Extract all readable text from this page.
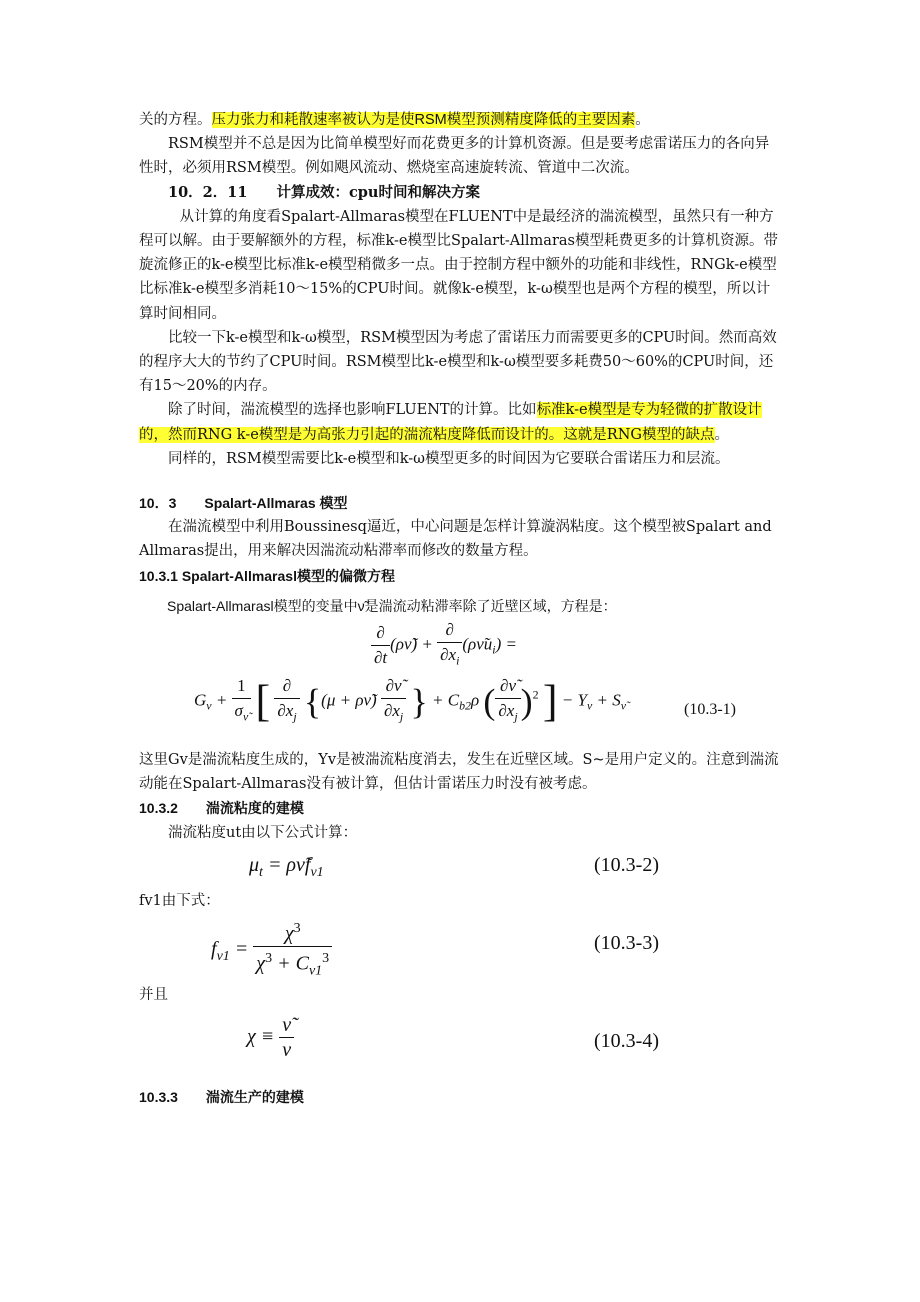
关的方程。压力张力和耗散速率被认为是使RSM模型预测精度降低的主要因素。

RSM模型并不总是因为比简单模型好而花费更多的计算机资源。但是要考虑雷诺压力的各向异性时，必须用RSM模型。例如飓风流动、燃烧室高速旋转流、管道中二次流。

10．2．11　　计算成效：cpu时间和解决方案

从计算的角度看Spalart-Allmaras模型在FLUENT中是最经济的湍流模型，虽然只有一种方程可以解。由于要解额外的方程，标准k-e模型比Spalart-Allmaras模型耗费更多的计算机资源。带旋流修正的k-e模型比标准k-e模型稍微多一点。由于控制方程中额外的功能和非线性，RNGk-e模型比标准k-e模型多消耗10～15%的CPU时间。就像k-e模型，k-ω模型也是两个方程的模型，所以计算时间相同。

比较一下k-e模型和k-ω模型，RSM模型因为考虑了雷诺压力而需要更多的CPU时间。然而高效的程序大大的节约了CPU时间。RSM模型比k-e模型和k-ω模型要多耗费50～60%的CPU时间，还有15～20%的内存。

除了时间，湍流模型的选择也影响FLUENT的计算。比如标准k-e模型是专为轻微的扩散设计的，然而RNG k-e模型是为高张力引起的湍流粘度降低而设计的。这就是RNG模型的缺点。

同样的，RSM模型需要比k-e模型和k-ω模型更多的时间因为它要联合雷诺压力和层流。

10．3　　Spalart-Allmaras 模型

在湍流模型中利用Boussinesq逼近，中心问题是怎样计算漩涡粘度。这个模型被Spalart and Allmaras提出，用来解决因湍流动粘滞率而修改的数量方程。

10.3.1 Spalart-Allmarasl模型的偏微方程

Spalart-Allmarasl模型的变量中ν̃是湍流动粘滞率除了近壁区域，方程是：

$\frac{\partial}{\partial t}$ (ρν̃) + $\frac{\partial}{\partial x_i}$ $(\rho\nũu_i)$ =
$G_\nu + \frac{1}{\sigma_{\nũ}}$ [ $\frac{\partial}{\partial x_j} \{(\mu$ + ρν̃) $\frac{\partial\nũ}{\partial x_j}$ } + $C_{b2}\rho$ ( $\frac{\partial\nũ}{\partial x_j} )^2$ ] − $Y_\nu + S_{\nũ}$	(10.3-1)

这里Gv是湍流粘度生成的，Yv是被湍流粘度消去，发生在近壁区域。S~是用户定义的。注意到湍流动能在Spalart-Allmaras没有被计算，但估计雷诺压力时没有被考虑。

10.3.2　　湍流粘度的建模

湍流粘度ut由以下公式计算：

$\mu_t$ = $\rho\nũf_{v1}$	(10.3-2)

fv1由下式：

$f_{v1} = \frac{\chi^3}{\chi^3 + C_{v1}^3}$	(10.3-3)

并且

$\chi \equiv \frac{\nũ}{\nu}$	(10.3-4)

10.3.3　　湍流生产的建模
